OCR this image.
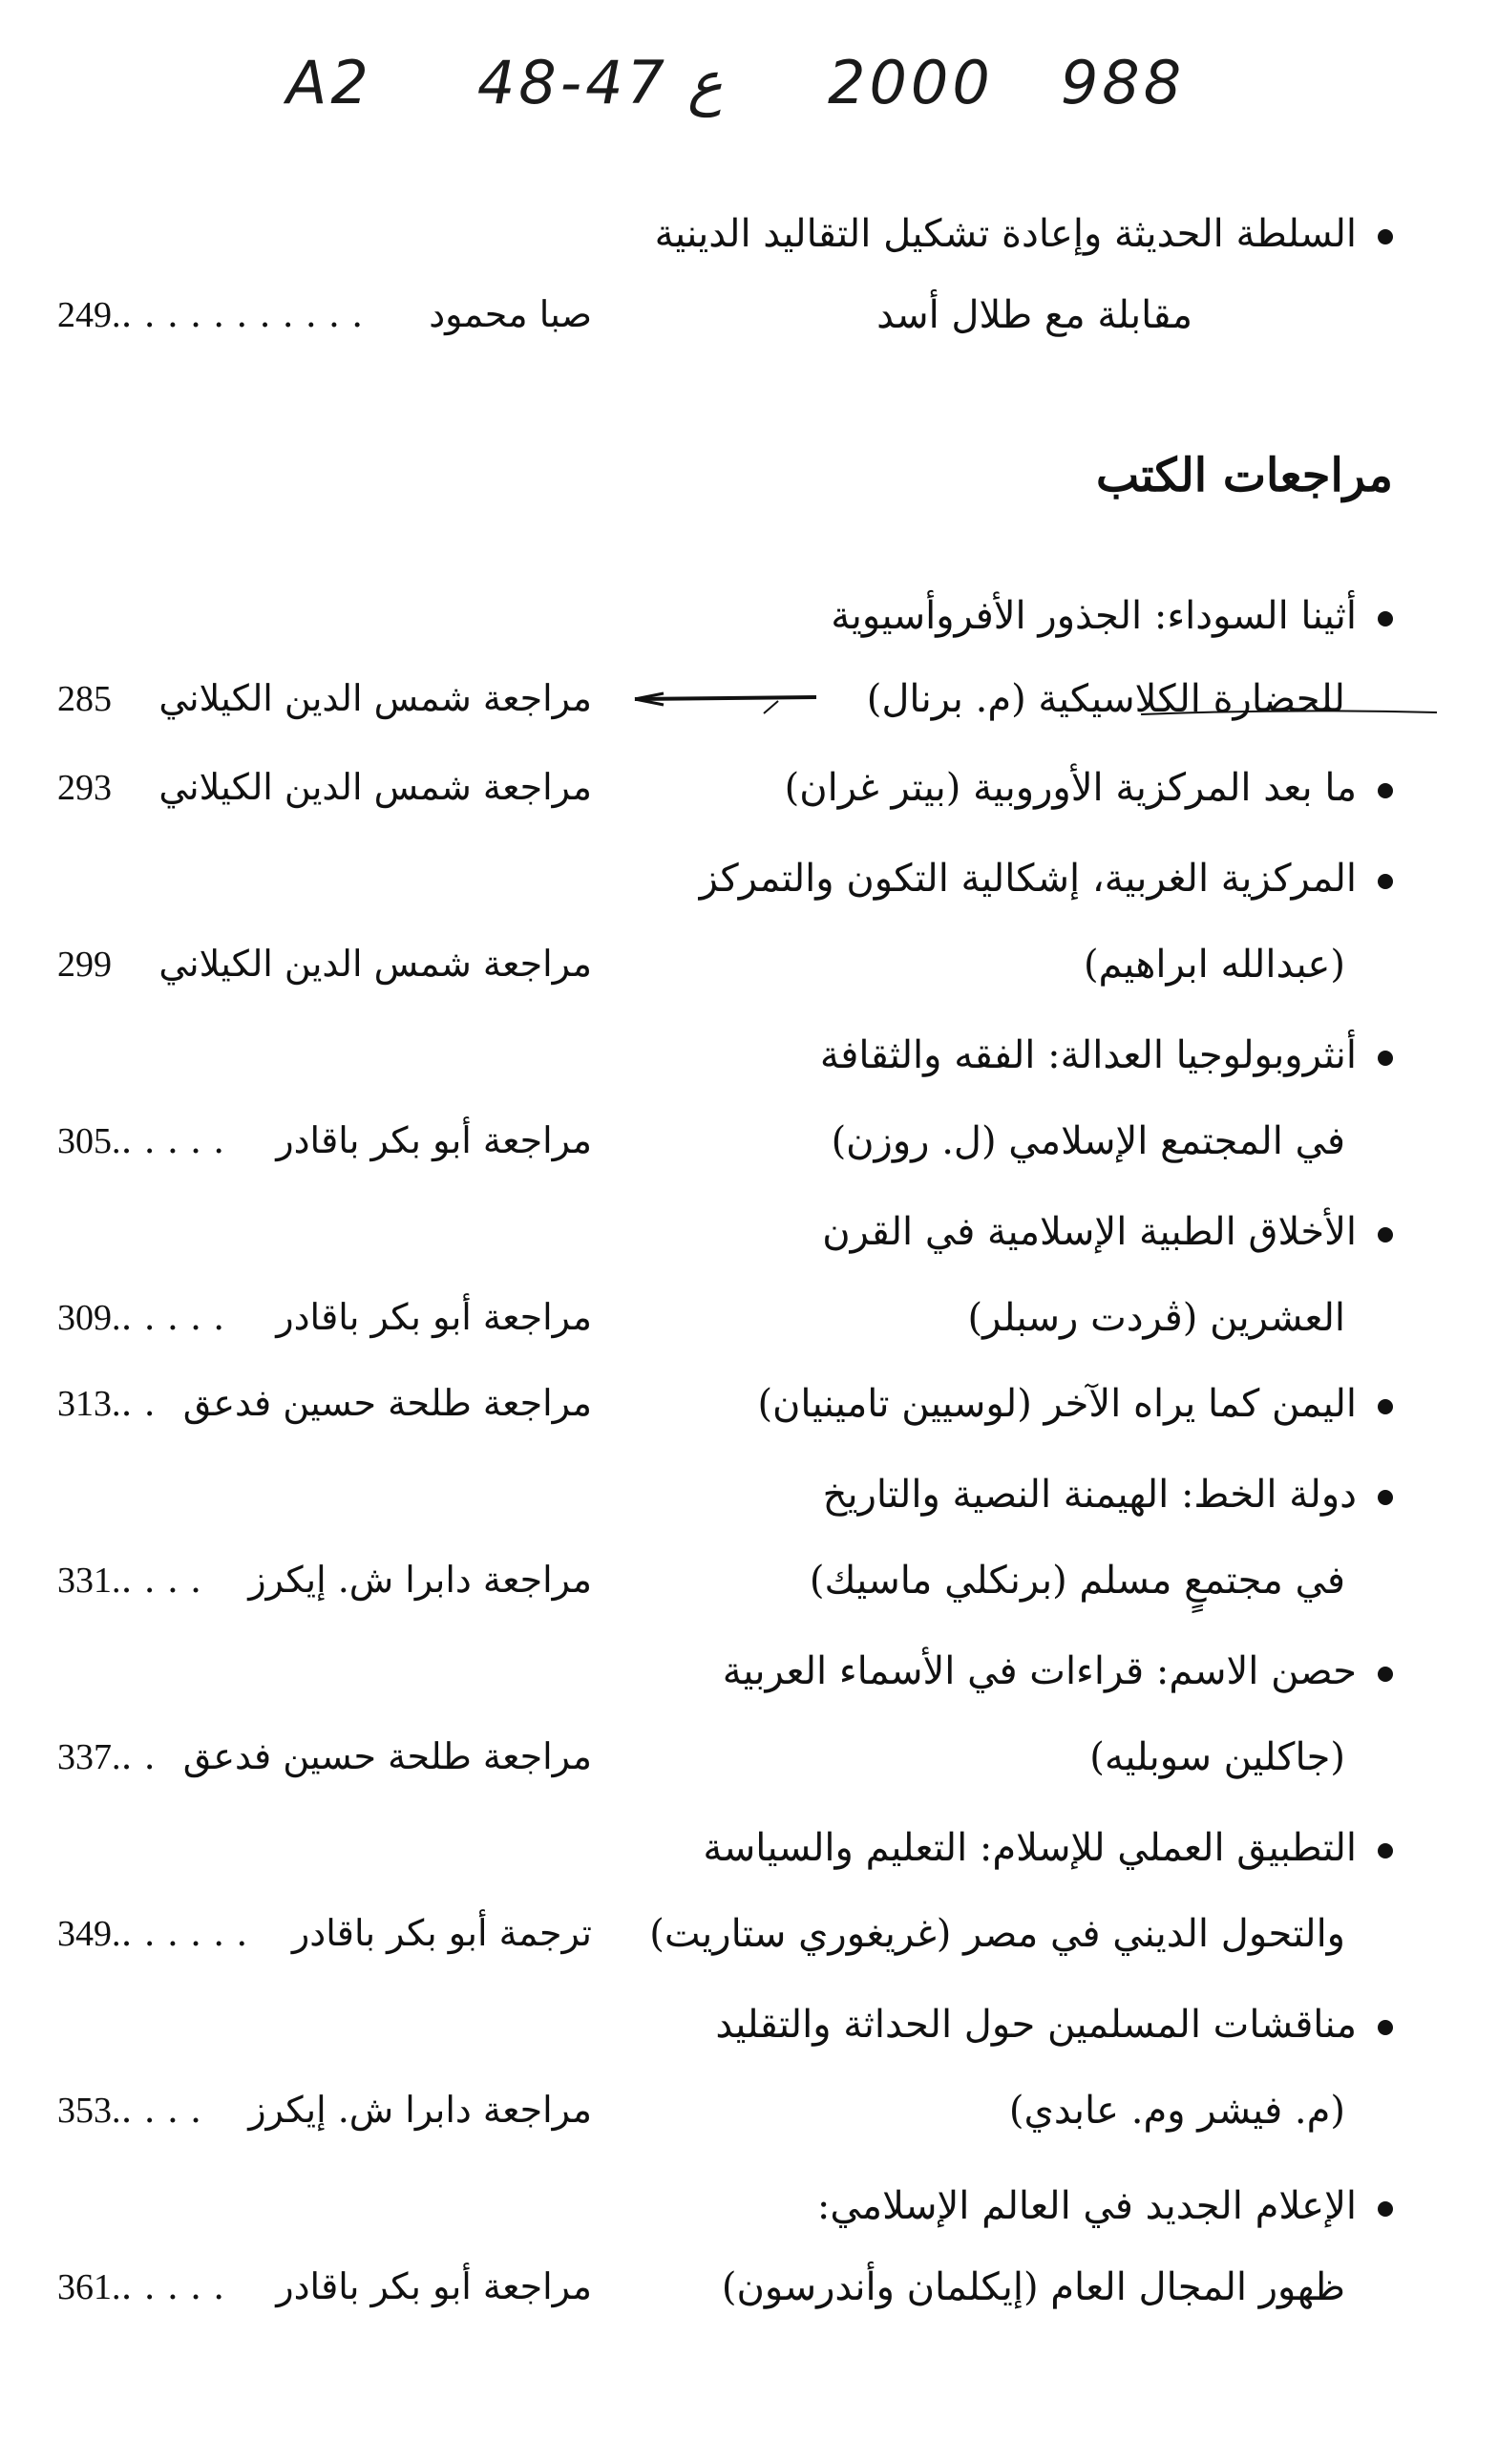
A2 48-47 ع 2000 988
السلطة الحديثة وإعادة تشكيل التقاليد الدينية
مقابلة مع طلال أسد
249.. . . . . . . . . . . صبا محمود
مراجعات الكتب
أثينا السوداء: الجذور الأفروأسيوية
للحضارة الكلاسيكية (م. برنال)
285 مراجعة شمس الدين الكيلاني
ما بعد المركزية الأوروبية (بيتر غران)
293 مراجعة شمس الدين الكيلاني
المركزية الغربية، إشكالية التكون والتمركز
(عبدالله ابراهيم)
299 مراجعة شمس الدين الكيلاني
أنثروبولوجيا العدالة: الفقه والثقافة
في المجتمع الإسلامي (ل. روزن)
305.. . . . . مراجعة أبو بكر باقادر
الأخلاق الطبية الإسلامية في القرن
العشرين (ڤردت رسبلر)
309.. . . . . مراجعة أبو بكر باقادر
اليمن كما يراه الآخر (لوسيين تامينيان)
313.. . مراجعة طلحة حسين فدعق
دولة الخط: الهيمنة النصية والتاريخ
في مجتمعٍ مسلم (برنكلي ماسيك)
331.. . . . مراجعة دابرا ش. إيكرز
حصن الاسم: قراءات في الأسماء العربية
(جاكلين سوبليه)
337.. . مراجعة طلحة حسين فدعق
التطبيق العملي للإسلام: التعليم والسياسة
والتحول الديني في مصر (غريغوري ستاريت)
349.. . . . . . ترجمة أبو بكر باقادر
مناقشات المسلمين حول الحداثة والتقليد
(م. فيشر وم. عابدي)
353.. . . . مراجعة دابرا ش. إيكرز
الإعلام الجديد في العالم الإسلامي:
ظهور المجال العام (إيكلمان وأندرسون)
361.. . . . . مراجعة أبو بكر باقادر
